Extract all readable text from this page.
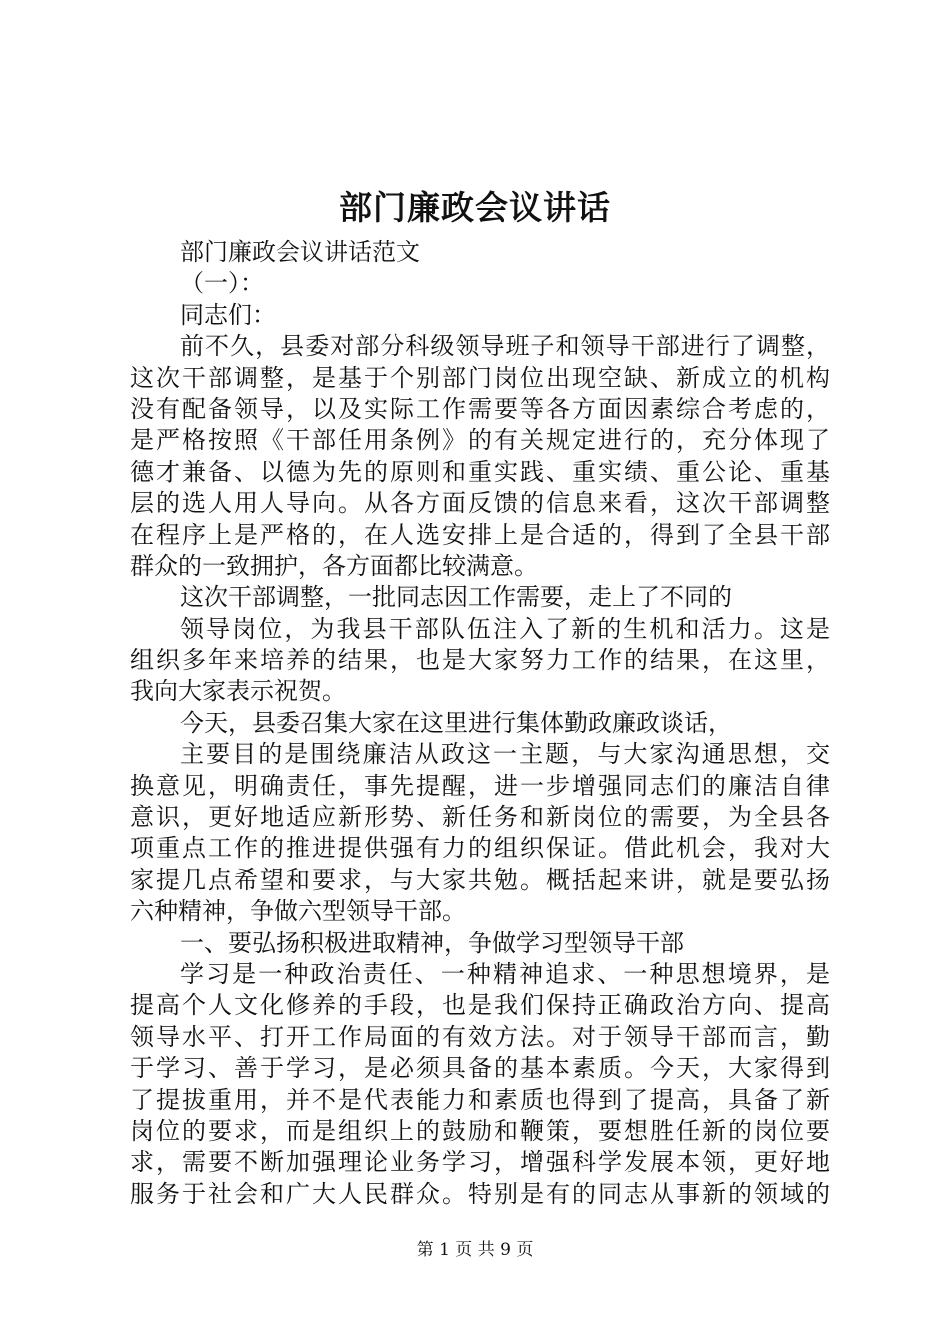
部门廉政会议讲话
部门廉政会议讲话范文
（一）：
同志们：
前不久，县委对部分科级领导班子和领导干部进行了调整，
这次干部调整，是基于个别部门岗位出现空缺、新成立的机构
没有配备领导，以及实际工作需要等各方面因素综合考虑的，
是严格按照《干部任用条例》的有关规定进行的，充分体现了
德才兼备、以德为先的原则和重实践、重实绩、重公论、重基
层的选人用人导向。从各方面反馈的信息来看，这次干部调整
在程序上是严格的，在人选安排上是合适的，得到了全县干部
群众的一致拥护，各方面都比较满意。
这次干部调整，一批同志因工作需要，走上了不同的
领导岗位，为我县干部队伍注入了新的生机和活力。这是
组织多年来培养的结果，也是大家努力工作的结果，在这里，
我向大家表示祝贺。
今天，县委召集大家在这里进行集体勤政廉政谈话，
主要目的是围绕廉洁从政这一主题，与大家沟通思想，交
换意见，明确责任，事先提醒，进一步增强同志们的廉洁自律
意识，更好地适应新形势、新任务和新岗位的需要，为全县各
项重点工作的推进提供强有力的组织保证。借此机会，我对大
家提几点希望和要求，与大家共勉。概括起来讲，就是要弘扬
六种精神，争做六型领导干部。
一、要弘扬积极进取精神，争做学习型领导干部
学习是一种政治责任、一种精神追求、一种思想境界，是
提高个人文化修养的手段，也是我们保持正确政治方向、提高
领导水平、打开工作局面的有效方法。对于领导干部而言，勤
于学习、善于学习，是必须具备的基本素质。今天，大家得到
了提拔重用，并不是代表能力和素质也得到了提高，具备了新
岗位的要求，而是组织上的鼓励和鞭策，要想胜任新的岗位要
求，需要不断加强理论业务学习，增强科学发展本领，更好地
服务于社会和广大人民群众。特别是有的同志从事新的领域的
第 1 页 共 9 页
